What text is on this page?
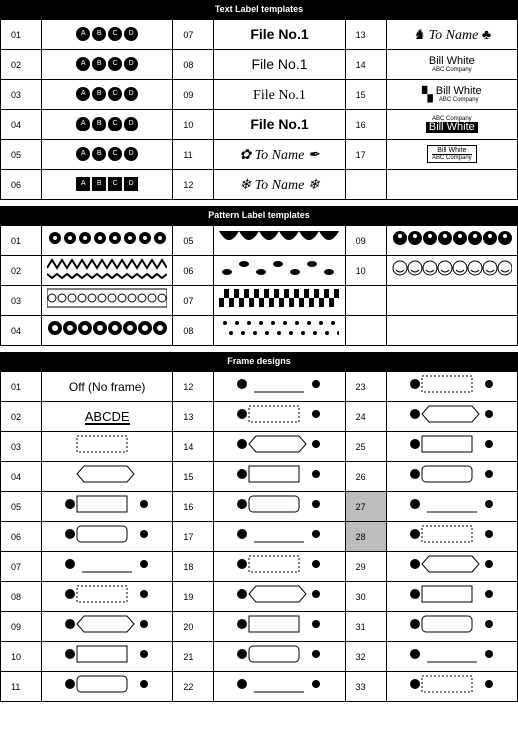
Text Label templates
01	A B C D	07	File No.1	13	♞ To Name ♣
02	A B C D	08	File No.1	14	Bill White
ABC Company

03	A B C D	09	File No.1	15	▚ Bill White
ABC Company

04	A B C D	10	File No.1	16	ABC Company
Bill White

05	A B C D	11	✿ To Name ✒	17	Bill White
ABC Company

06	A B C D	12	❄ To Name ❄		
Pattern Label templates
01		05		09	
02		06		10	
03		07			
04		08			
Frame designs
01	Off (No frame)	12		23	
02	ABCDE	13		24	
03		14		25	
04		15		26	
05		16		27	
06		17		28	
07		18		29	
08		19		30	
09		20		31	
10		21		32	
11		22		33	
